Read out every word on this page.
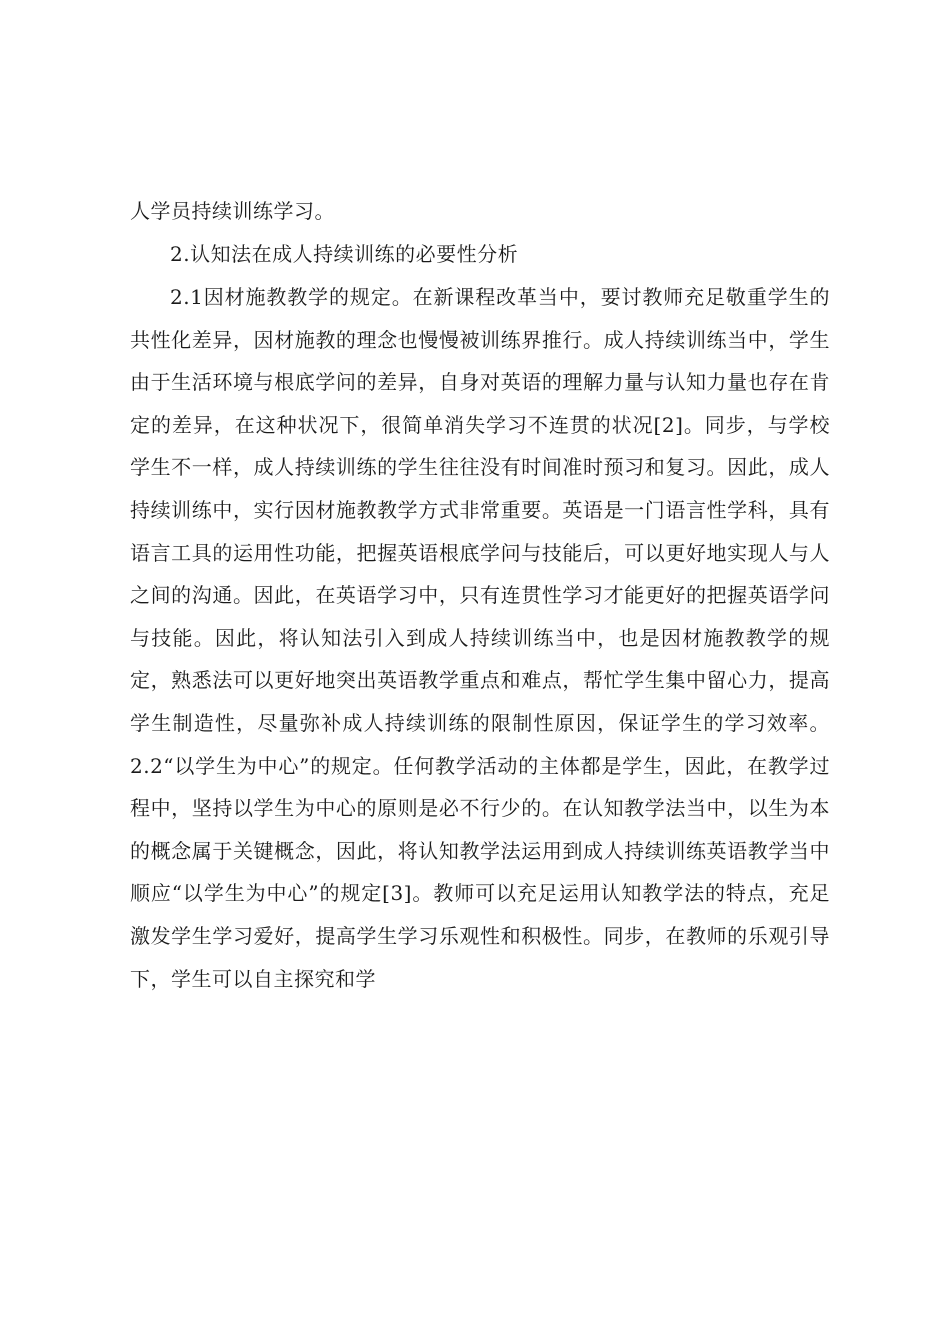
人学员持续训练学习。

2.认知法在成人持续训练的必要性分析

2.1因材施教教学的规定。在新课程改革当中，要讨教师充足敬重学生的共性化差异，因材施教的理念也慢慢被训练界推行。成人持续训练当中，学生由于生活环境与根底学问的差异，自身对英语的理解力量与认知力量也存在肯定的差异，在这种状况下，很简单消失学习不连贯的状况[2]。同步，与学校学生不一样，成人持续训练的学生往往没有时间准时预习和复习。因此，成人持续训练中，实行因材施教教学方式非常重要。英语是一门语言性学科，具有语言工具的运用性功能，把握英语根底学问与技能后，可以更好地实现人与人之间的沟通。因此，在英语学习中，只有连贯性学习才能更好的把握英语学问与技能。因此，将认知法引入到成人持续训练当中，也是因材施教教学的规定，熟悉法可以更好地突出英语教学重点和难点，帮忙学生集中留心力，提高学生制造性，尽量弥补成人持续训练的限制性原因，保证学生的学习效率。2.2“以学生为中心”的规定。任何教学活动的主体都是学生，因此，在教学过程中，坚持以学生为中心的原则是必不行少的。在认知教学法当中，以生为本的概念属于关键概念，因此，将认知教学法运用到成人持续训练英语教学当中顺应“以学生为中心”的规定[3]。教师可以充足运用认知教学法的特点，充足激发学生学习爱好，提高学生学习乐观性和积极性。同步，在教师的乐观引导下，学生可以自主探究和学
